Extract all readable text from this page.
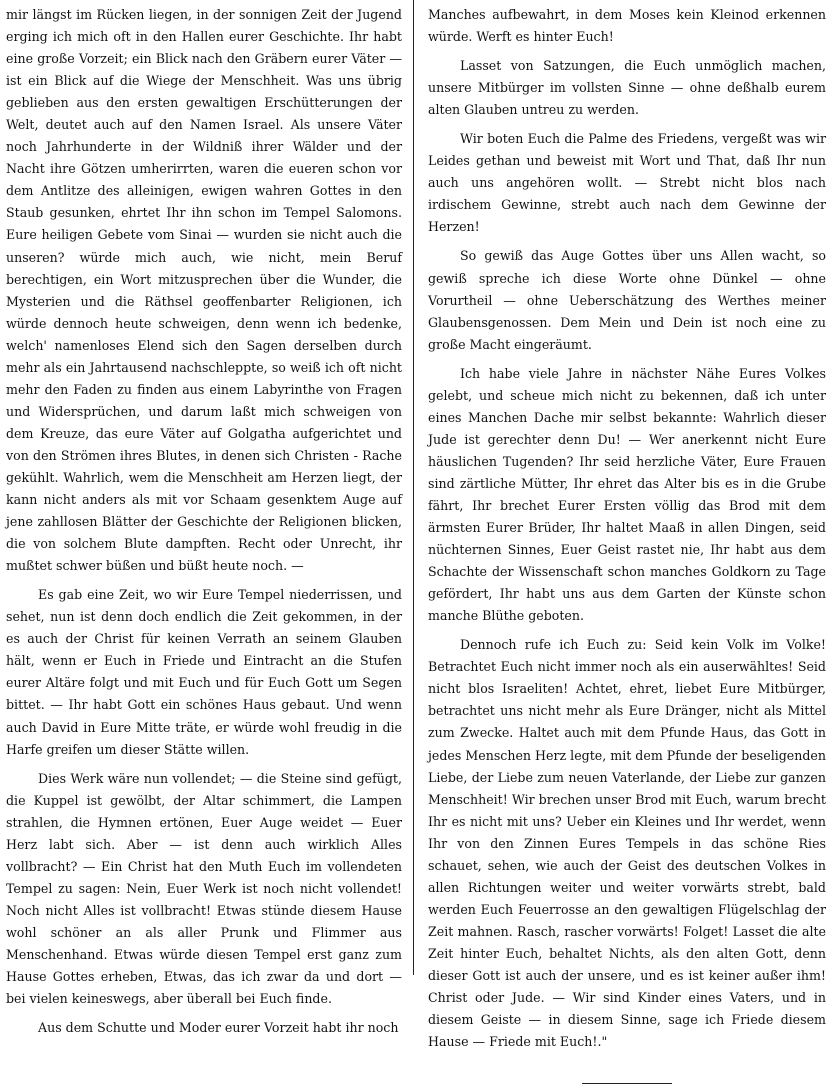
mir längst im Rücken liegen, in der sonnigen Zeit der Jugend erging ich mich oft in den Hallen eurer Geschichte. Ihr habt eine große Vorzeit; ein Blick nach den Gräbern eurer Väter — ist ein Blick auf die Wiege der Menschheit. Was uns übrig geblieben aus den ersten gewaltigen Erschütterungen der Welt, deutet auch auf den Namen Israel. Als unsere Väter noch Jahrhunderte in der Wildniß ihrer Wälder und der Nacht ihre Götzen umherirrten, waren die eueren schon vor dem Antlitze des alleinigen, ewigen wahren Gottes in den Staub gesunken, ehrtet Ihr ihn schon im Tempel Salomons. Eure heiligen Gebete vom Sinai — wurden sie nicht auch die unseren? würde mich auch, wie nicht, mein Beruf berechtigen, ein Wort mitzusprechen über die Wunder, die Mysterien und die Räthsel geoffenbarter Religionen, ich würde dennoch heute schweigen, denn wenn ich bedenke, welch' namenloses Elend sich den Sagen derselben durch mehr als ein Jahrtausend nachschleppte, so weiß ich oft nicht mehr den Faden zu finden aus einem Labyrinthe von Fragen und Widersprüchen, und darum laßt mich schweigen von dem Kreuze, das eure Väter auf Golgatha aufgerichtet und von den Strömen ihres Blutes, in denen sich Christen - Rache gekühlt. Wahrlich, wem die Menschheit am Herzen liegt, der kann nicht anders als mit vor Schaam gesenktem Auge auf jene zahllosen Blätter der Geschichte der Religionen blicken, die von solchem Blute dampften. Recht oder Unrecht, ihr mußtet schwer büßen und büßt heute noch. —

Es gab eine Zeit, wo wir Eure Tempel niederrissen, und sehet, nun ist denn doch endlich die Zeit gekommen, in der es auch der Christ für keinen Verrath an seinem Glauben hält, wenn er Euch in Friede und Eintracht an die Stufen eurer Altäre folgt und mit Euch und für Euch Gott um Segen bittet. — Ihr habt Gott ein schönes Haus gebaut. Und wenn auch David in Eure Mitte träte, er würde wohl freudig in die Harfe greifen um dieser Stätte willen.

Dies Werk wäre nun vollendet; — die Steine sind gefügt, die Kuppel ist gewölbt, der Altar schimmert, die Lampen strahlen, die Hymnen ertönen, Euer Auge weidet — Euer Herz labt sich. Aber — ist denn auch wirklich Alles vollbracht? — Ein Christ hat den Muth Euch im vollendeten Tempel zu sagen: Nein, Euer Werk ist noch nicht vollendet! Noch nicht Alles ist vollbracht! Etwas stünde diesem Hause wohl schöner an als aller Prunk und Flimmer aus Menschenhand. Etwas würde diesen Tempel erst ganz zum Hause Gottes erheben, Etwas, das ich zwar da und dort — bei vielen keineswegs, aber überall bei Euch finde.

Aus dem Schutte und Moder eurer Vorzeit habt ihr noch

Manches aufbewahrt, in dem Moses kein Kleinod erkennen würde. Werft es hinter Euch!

Lasset von Satzungen, die Euch unmöglich machen, unsere Mitbürger im vollsten Sinne — ohne deßhalb eurem alten Glauben untreu zu werden.

Wir boten Euch die Palme des Friedens, vergeßt was wir Leides gethan und beweist mit Wort und That, daß Ihr nun auch uns angehören wollt. — Strebt nicht blos nach irdischem Gewinne, strebt auch nach dem Gewinne der Herzen!

So gewiß das Auge Gottes über uns Allen wacht, so gewiß spreche ich diese Worte ohne Dünkel — ohne Vorurtheil — ohne Ueberschätzung des Werthes meiner Glaubensgenossen. Dem Mein und Dein ist noch eine zu große Macht eingeräumt.

Ich habe viele Jahre in nächster Nähe Eures Volkes gelebt, und scheue mich nicht zu bekennen, daß ich unter eines Manchen Dache mir selbst bekannte: Wahrlich dieser Jude ist gerechter denn Du! — Wer anerkennt nicht Eure häuslichen Tugenden? Ihr seid herzliche Väter, Eure Frauen sind zärtliche Mütter, Ihr ehret das Alter bis es in die Grube fährt, Ihr brechet Eurer Ersten völlig das Brod mit dem ärmsten Eurer Brüder, Ihr haltet Maaß in allen Dingen, seid nüchternen Sinnes, Euer Geist rastet nie, Ihr habt aus dem Schachte der Wissenschaft schon manches Goldkorn zu Tage gefördert, Ihr habt uns aus dem Garten der Künste schon manche Blüthe geboten.

Dennoch rufe ich Euch zu: Seid kein Volk im Volke! Betrachtet Euch nicht immer noch als ein auserwähltes! Seid nicht blos Israeliten! Achtet, ehret, liebet Eure Mitbürger, betrachtet uns nicht mehr als Eure Dränger, nicht als Mittel zum Zwecke. Haltet auch mit dem Pfunde Haus, das Gott in jedes Menschen Herz legte, mit dem Pfunde der beseligenden Liebe, der Liebe zum neuen Vaterlande, der Liebe zur ganzen Menschheit! Wir brechen unser Brod mit Euch, warum brecht Ihr es nicht mit uns? Ueber ein Kleines und Ihr werdet, wenn Ihr von den Zinnen Eures Tempels in das schöne Ries schauet, sehen, wie auch der Geist des deutschen Volkes in allen Richtungen weiter und weiter vorwärts strebt, bald werden Euch Feuerrosse an den gewaltigen Flügelschlag der Zeit mahnen. Rasch, rascher vorwärts! Folget! Lasset die alte Zeit hinter Euch, behaltet Nichts, als den alten Gott, denn dieser Gott ist auch der unsere, und es ist keiner außer ihm! Christ oder Jude. — Wir sind Kinder eines Vaters, und in diesem Geiste — in diesem Sinne, sage ich Friede diesem Hause — Friede mit Euch!."
